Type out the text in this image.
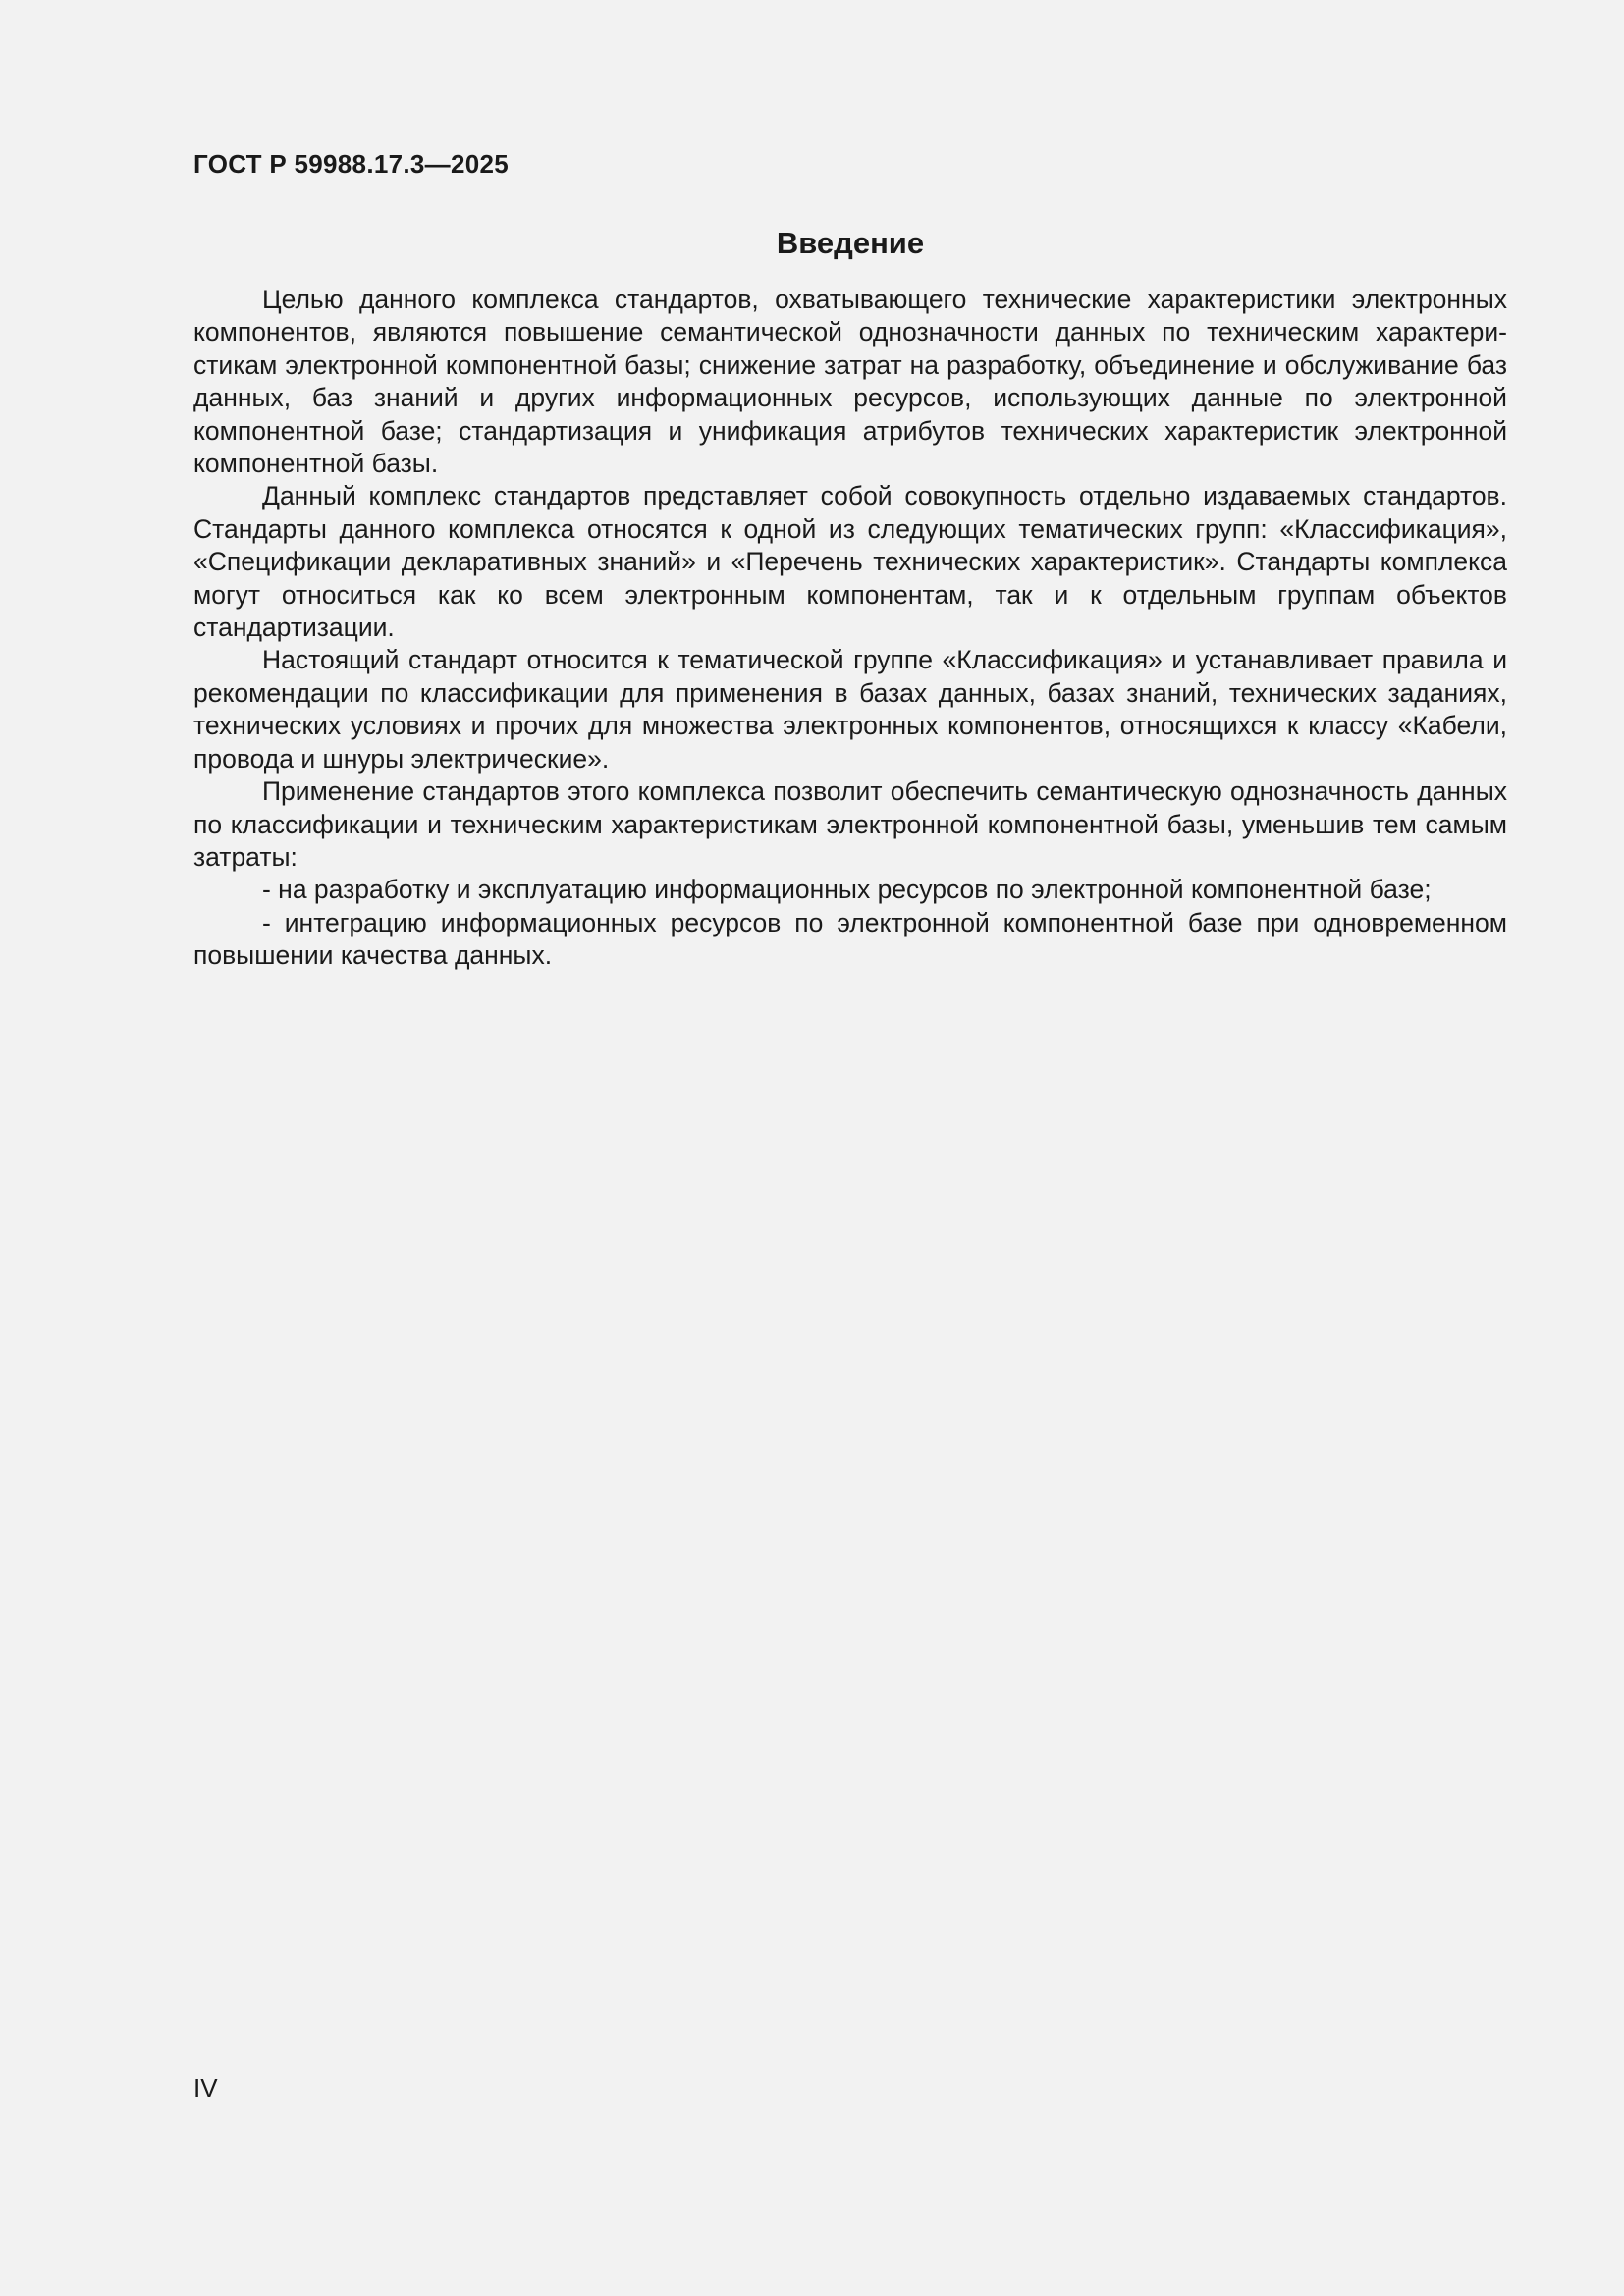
ГОСТ Р 59988.17.3—2025
Введение

Целью данного комплекса стандартов, охватывающего технические характеристики электронных компонентов, являются повышение семантической однозначности данных по техническим характеристикам электронной компонентной базы; снижение затрат на разработку, объединение и обслуживание баз данных, баз знаний и других информационных ресурсов, использующих данные по электронной компонентной базе; стандартизация и унификация атрибутов технических характеристик электронной компонентной базы.

Данный комплекс стандартов представляет собой совокупность отдельно издаваемых стандартов. Стандарты данного комплекса относятся к одной из следующих тематических групп: «Классификация», «Спецификации декларативных знаний» и «Перечень технических характеристик». Стандарты комплекса могут относиться как ко всем электронным компонентам, так и к отдельным группам объектов стандартизации.

Настоящий стандарт относится к тематической группе «Классификация» и устанавливает правила и рекомендации по классификации для применения в базах данных, базах знаний, технических заданиях, технических условиях и прочих для множества электронных компонентов, относящихся к классу «Кабели, провода и шнуры электрические».

Применение стандартов этого комплекса позволит обеспечить семантическую однозначность данных по классификации и техническим характеристикам электронной компонентной базы, уменьшив тем самым затраты:

- на разработку и эксплуатацию информационных ресурсов по электронной компонентной базе;

- интеграцию информационных ресурсов по электронной компонентной базе при одновременном повышении качества данных.

IV
